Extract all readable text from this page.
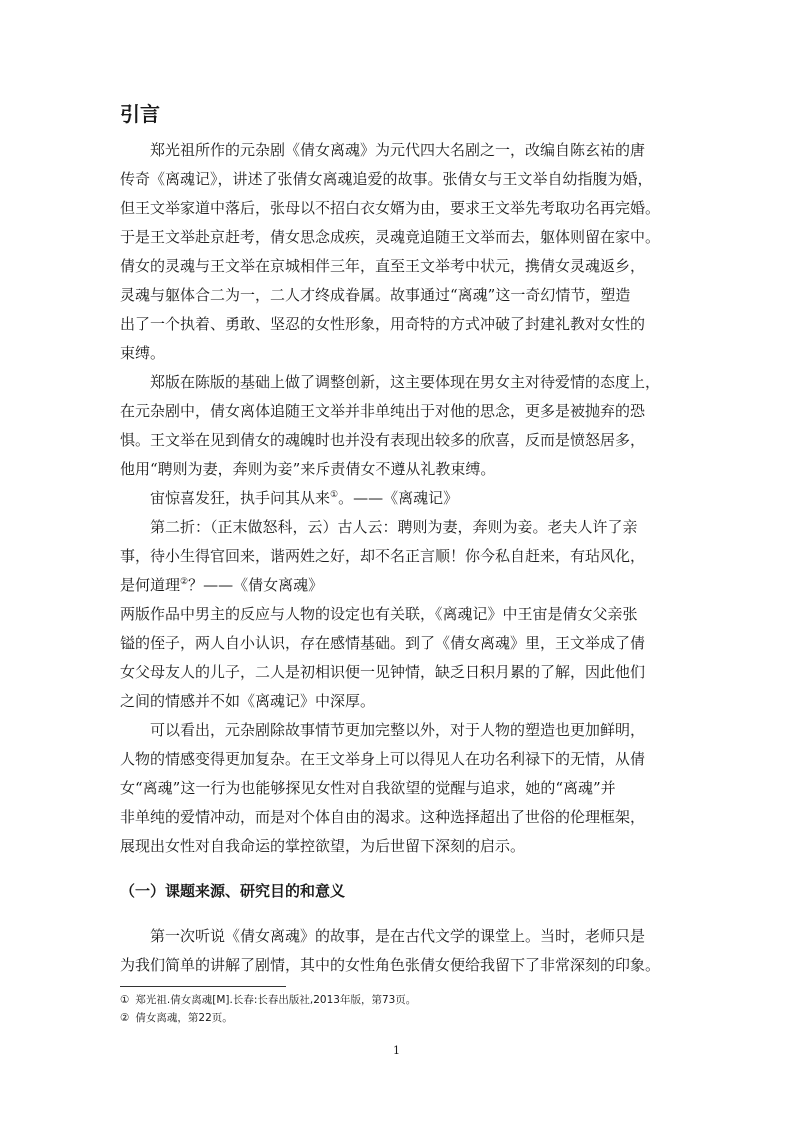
引言
郑光祖所作的元杂剧《倩女离魂》为元代四大名剧之一，改编自陈玄祐的唐
传奇《离魂记》，讲述了张倩女离魂追爱的故事。张倩女与王文举自幼指腹为婚，
但王文举家道中落后，张母以不招白衣女婿为由，要求王文举先考取功名再完婚。
于是王文举赴京赶考，倩女思念成疾，灵魂竟追随王文举而去，躯体则留在家中。
倩女的灵魂与王文举在京城相伴三年，直至王文举考中状元，携倩女灵魂返乡，
灵魂与躯体合二为一，二人才终成眷属。故事通过“离魂”这一奇幻情节，塑造
出了一个执着、勇敢、坚忍的女性形象，用奇特的方式冲破了封建礼教对女性的
束缚。
郑版在陈版的基础上做了调整创新，这主要体现在男女主对待爱情的态度上，
在元杂剧中，倩女离体追随王文举并非单纯出于对他的思念，更多是被抛弃的恐
惧。王文举在见到倩女的魂魄时也并没有表现出较多的欣喜，反而是愤怒居多，
他用“聘则为妻，奔则为妾”来斥责倩女不遵从礼教束缚。
宙惊喜发狂，执手问其从来①。——《离魂记》
第二折：（正末做怒科，云）古人云：聘则为妻，奔则为妾。老夫人许了亲
事，待小生得官回来，谐两姓之好，却不名正言顺！你今私自赶来，有玷风化，
是何道理②？——《倩女离魂》
两版作品中男主的反应与人物的设定也有关联，《离魂记》中王宙是倩女父亲张
镒的侄子，两人自小认识，存在感情基础。到了《倩女离魂》里，王文举成了倩
女父母友人的儿子，二人是初相识便一见钟情，缺乏日积月累的了解，因此他们
之间的情感并不如《离魂记》中深厚。
可以看出，元杂剧除故事情节更加完整以外，对于人物的塑造也更加鲜明，
人物的情感变得更加复杂。在王文举身上可以得见人在功名利禄下的无情，从倩
女“离魂”这一行为也能够探见女性对自我欲望的觉醒与追求，她的“离魂”并
非单纯的爱情冲动，而是对个体自由的渴求。这种选择超出了世俗的伦理框架，
展现出女性对自我命运的掌控欲望，为后世留下深刻的启示。
（一）课题来源、研究目的和意义
第一次听说《倩女离魂》的故事，是在古代文学的课堂上。当时，老师只是
为我们简单的讲解了剧情，其中的女性角色张倩女便给我留下了非常深刻的印象。
① 郑光祖.倩女离魂[M].长春:长春出版社,2013年版，第73页。
② 倩女离魂，第22页。
1
